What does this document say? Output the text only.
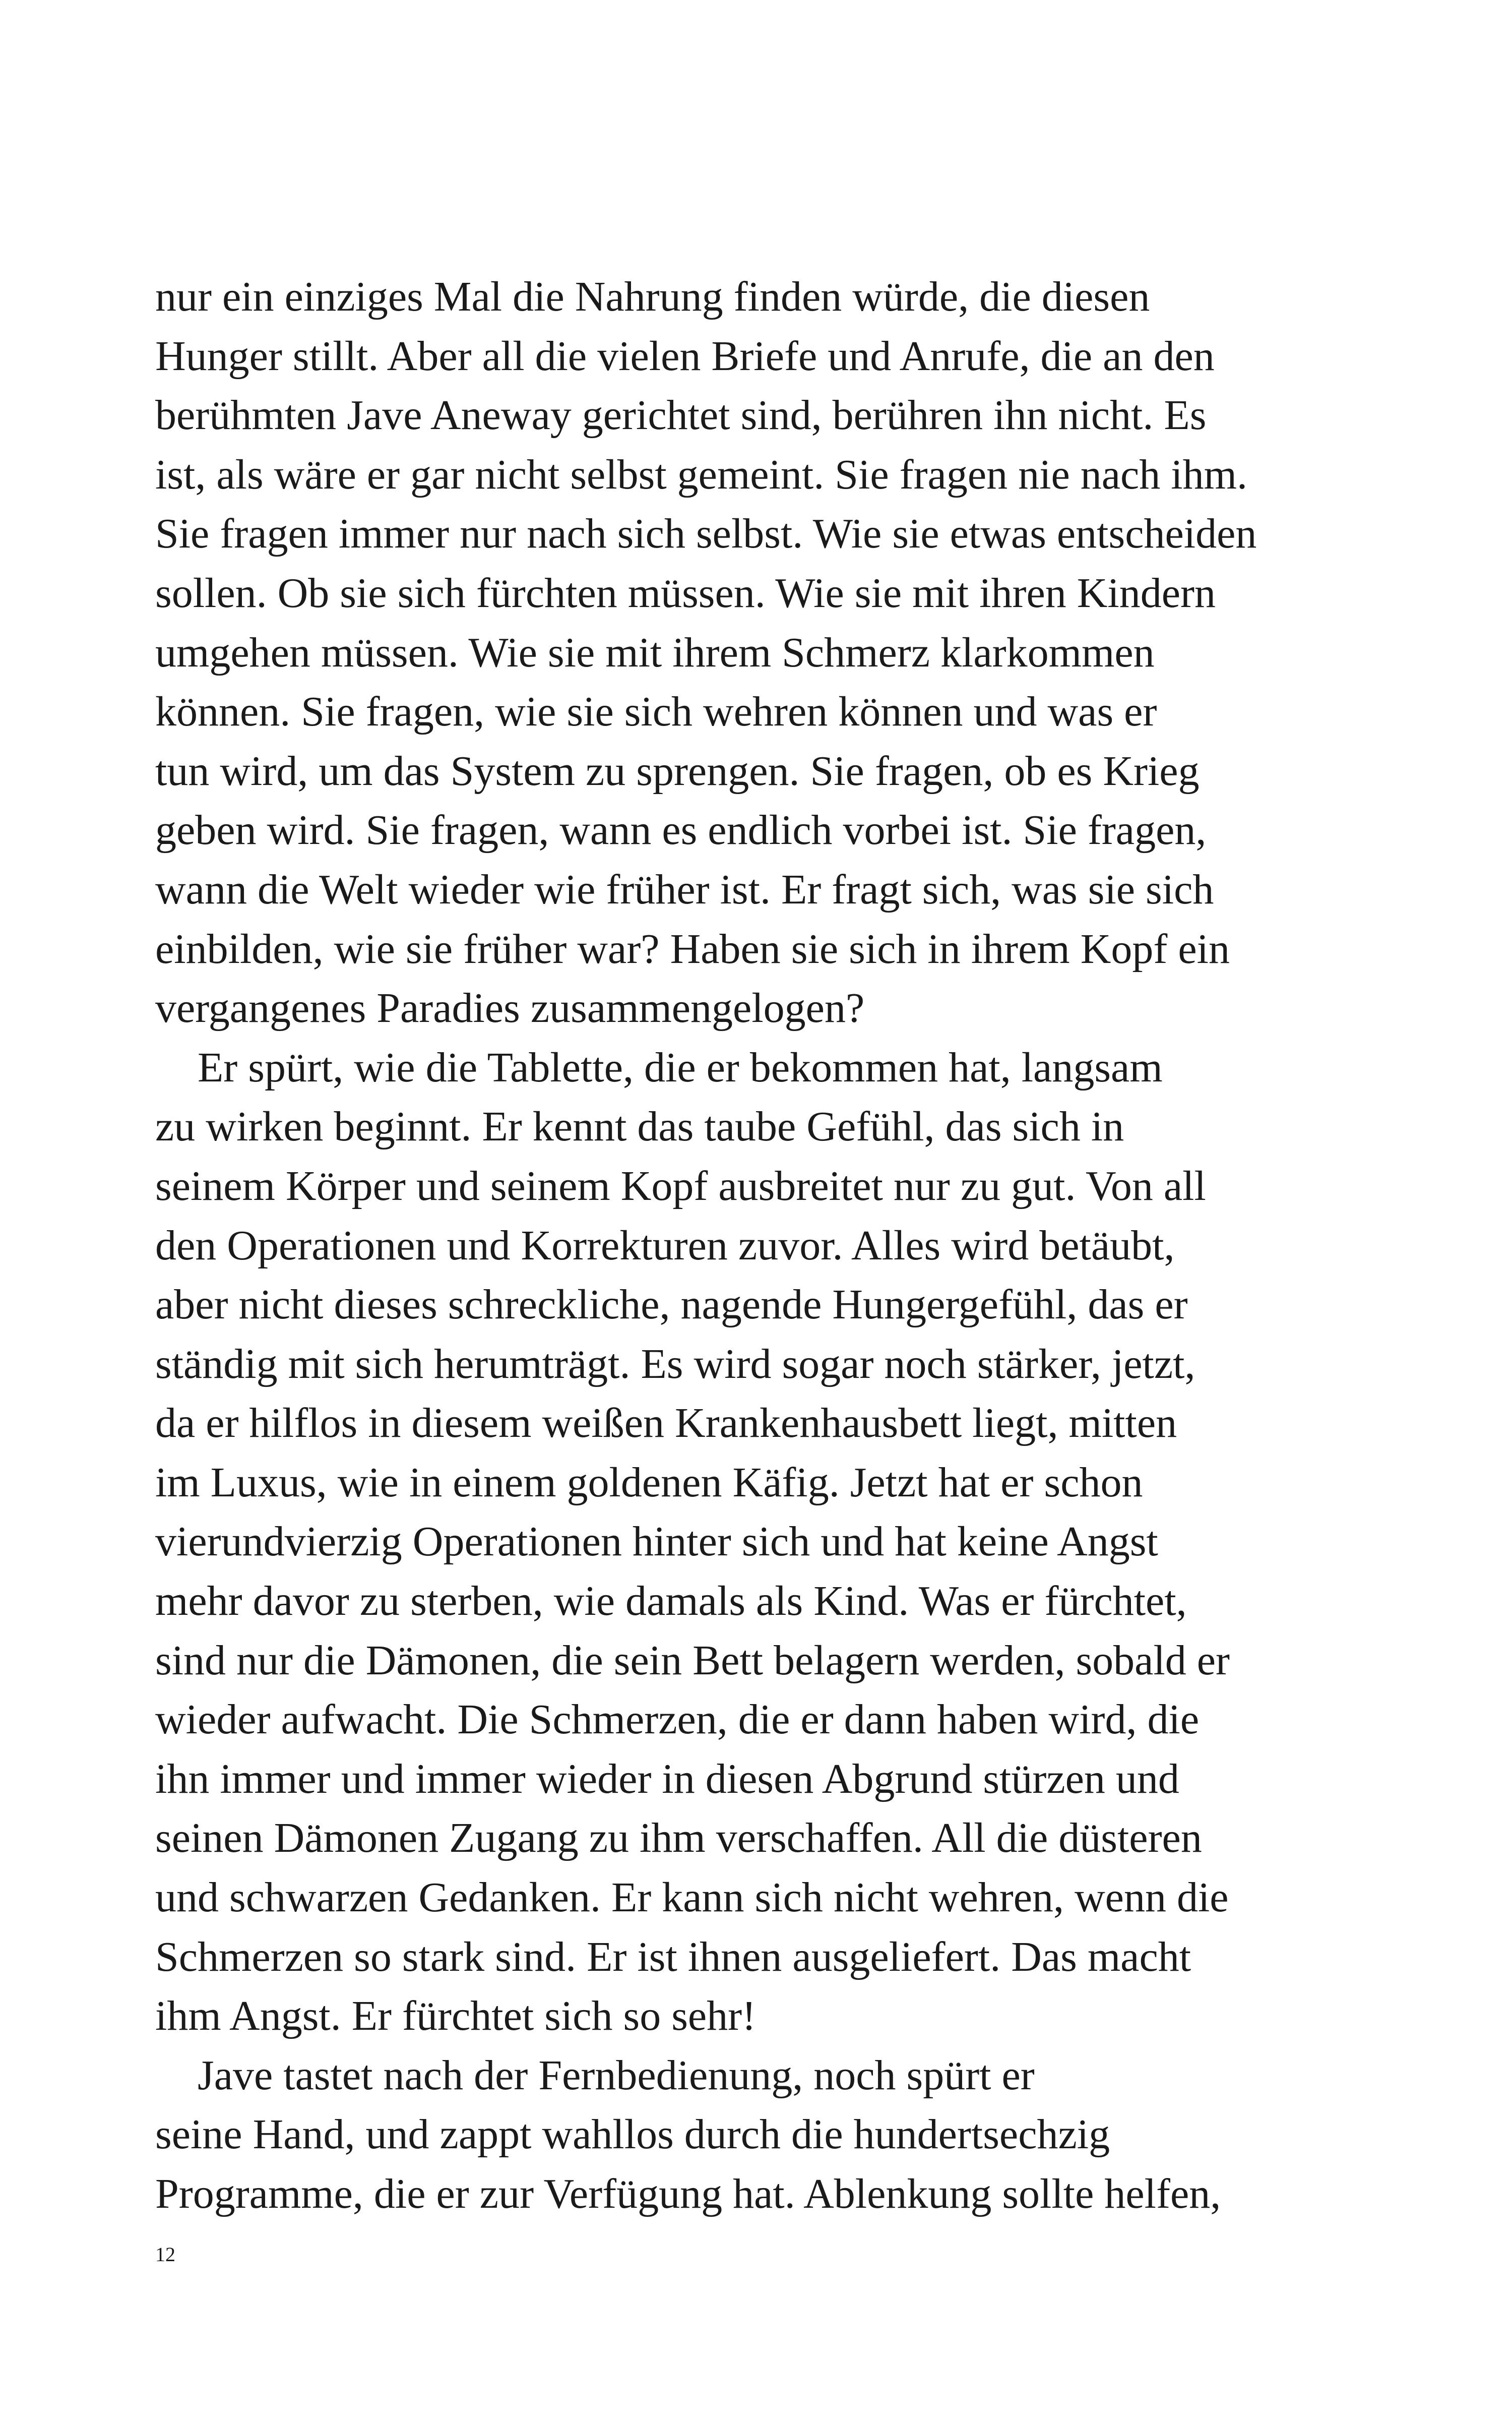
nur ein einziges Mal die Nahrung finden würde, die diesen
Hunger stillt. Aber all die vielen Briefe und Anrufe, die an den
berühmten Jave Aneway gerichtet sind, berühren ihn nicht. Es
ist, als wäre er gar nicht selbst gemeint. Sie fragen nie nach ihm.
Sie fragen immer nur nach sich selbst. Wie sie etwas entscheiden
sollen. Ob sie sich fürchten müssen. Wie sie mit ihren Kindern
umgehen müssen. Wie sie mit ihrem Schmerz klarkommen
können. Sie fragen, wie sie sich wehren können und was er
tun wird, um das System zu sprengen. Sie fragen, ob es Krieg
geben wird. Sie fragen, wann es endlich vorbei ist. Sie fragen,
wann die Welt wieder wie früher ist. Er fragt sich, was sie sich
einbilden, wie sie früher war? Haben sie sich in ihrem Kopf ein
vergangenes Paradies zusammengelogen?
Er spürt, wie die Tablette, die er bekommen hat, langsam
zu wirken beginnt. Er kennt das taube Gefühl, das sich in
seinem Körper und seinem Kopf ausbreitet nur zu gut. Von all
den Operationen und Korrekturen zuvor. Alles wird betäubt,
aber nicht dieses schreckliche, nagende Hungergefühl, das er
ständig mit sich herumträgt. Es wird sogar noch stärker, jetzt,
da er hilflos in diesem weißen Krankenhausbett liegt, mitten
im Luxus, wie in einem goldenen Käfig. Jetzt hat er schon
vierundvierzig Operationen hinter sich und hat keine Angst
mehr davor zu sterben, wie damals als Kind. Was er fürchtet,
sind nur die Dämonen, die sein Bett belagern werden, sobald er
wieder aufwacht. Die Schmerzen, die er dann haben wird, die
ihn immer und immer wieder in diesen Abgrund stürzen und
seinen Dämonen Zugang zu ihm verschaffen. All die düsteren
und schwarzen Gedanken. Er kann sich nicht wehren, wenn die
Schmerzen so stark sind. Er ist ihnen ausgeliefert. Das macht
ihm Angst. Er fürchtet sich so sehr!
Jave tastet nach der Fernbedienung, noch spürt er
seine Hand, und zappt wahllos durch die hundertsechzig
Programme, die er zur Verfügung hat. Ablenkung sollte helfen,
12
